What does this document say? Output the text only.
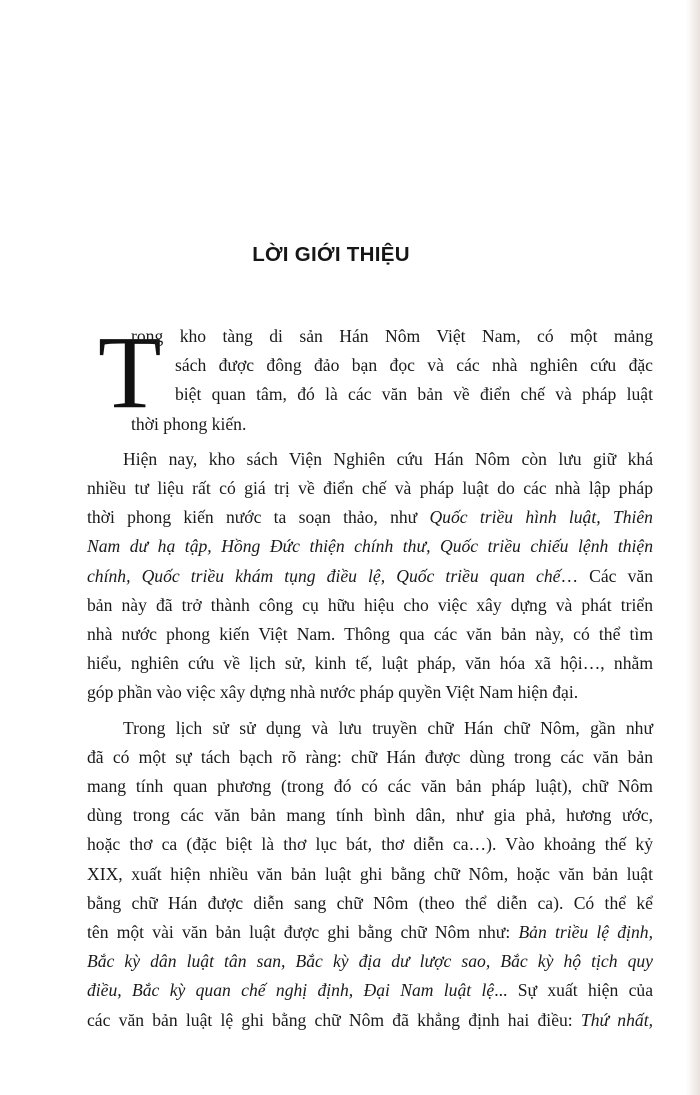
LỜI GIỚI THIỆU
T

rong kho tàng di sản Hán Nôm Việt Nam, có một mảng
sách được đông đảo bạn đọc và các nhà nghiên cứu đặc
biệt quan tâm, đó là các văn bản về điển chế và pháp luật
thời phong kiến.

Hiện nay, kho sách Viện Nghiên cứu Hán Nôm còn lưu giữ khá
nhiều tư liệu rất có giá trị về điển chế và pháp luật do các nhà lập pháp
thời phong kiến nước ta soạn thảo, như Quốc triều hình luật, Thiên
Nam dư hạ tập, Hồng Đức thiện chính thư, Quốc triều chiếu lệnh thiện
chính, Quốc triều khám tụng điều lệ, Quốc triều quan chế… Các văn
bản này đã trở thành công cụ hữu hiệu cho việc xây dựng và phát triển
nhà nước phong kiến Việt Nam. Thông qua các văn bản này, có thể tìm
hiểu, nghiên cứu về lịch sử, kinh tế, luật pháp, văn hóa xã hội…, nhằm
góp phần vào việc xây dựng nhà nước pháp quyền Việt Nam hiện đại.

Trong lịch sử sử dụng và lưu truyền chữ Hán chữ Nôm, gần như
đã có một sự tách bạch rõ ràng: chữ Hán được dùng trong các văn bản
mang tính quan phương (trong đó có các văn bản pháp luật), chữ Nôm
dùng trong các văn bản mang tính bình dân, như gia phả, hương ước,
hoặc thơ ca (đặc biệt là thơ lục bát, thơ diễn ca…). Vào khoảng thế kỷ
XIX, xuất hiện nhiều văn bản luật ghi bằng chữ Nôm, hoặc văn bản luật
bằng chữ Hán được diễn sang chữ Nôm (theo thể diễn ca). Có thể kể
tên một vài văn bản luật được ghi bằng chữ Nôm như: Bản triều lệ định,
Bắc kỳ dân luật tân san, Bắc kỳ địa dư lược sao, Bắc kỳ hộ tịch quy
điều, Bắc kỳ quan chế nghị định, Đại Nam luật lệ... Sự xuất hiện của
các văn bản luật lệ ghi bằng chữ Nôm đã khẳng định hai điều: Thứ nhất,
